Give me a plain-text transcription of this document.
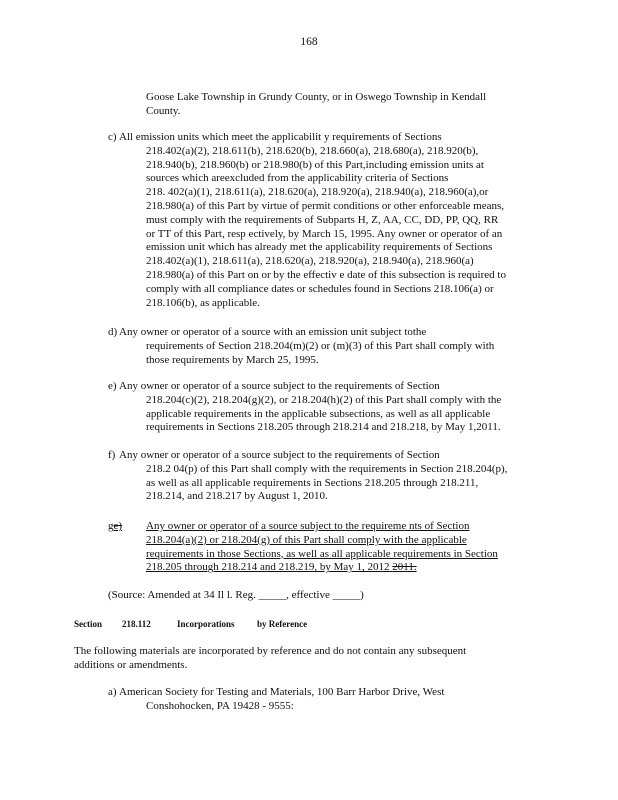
168
Goose Lake Township in Grundy County, or in Oswego Township in Kendall
County.
c) All emission units which meet the applicabilit y requirements of Sections
218.402(a)(2), 218.611(b), 218.620(b), 218.660(a), 218.680(a), 218.920(b),
218.940(b), 218.960(b) or 218.980(b) of this Part,including emission units at
sources which areexcluded from the applicability criteria of Sections
218. 402(a)(1), 218.611(a), 218.620(a), 218.920(a), 218.940(a), 218.960(a),or
218.980(a) of this Part by virtue of permit conditions or other enforceable means,
must comply with the requirements of Subparts H, Z, AA, CC, DD, PP, QQ, RR
or TT of this Part, resp ectively, by March 15, 1995. Any owner or operator of an
emission unit which has already met the applicability requirements of Sections
218.402(a)(1), 218.611(a), 218.620(a), 218.920(a), 218.940(a), 218.960(a)
218.980(a) of this Part on or by the effectiv e date of this subsection is required to
comply with all compliance dates or schedules found in Sections 218.106(a) or
218.106(b), as applicable.
d) Any owner or operator of a source with an emission unit subject tothe
requirements of Section 218.204(m)(2) or (m)(3) of this Part shall comply with
those requirements by March 25, 1995.
e) Any owner or operator of a source subject to the requirements of Section
218.204(c)(2), 218.204(g)(2), or 218.204(h)(2) of this Part shall comply with the
applicable requirements in the applicable subsections, as well as all applicable
requirements in Sections 218.205 through 218.214 and 218.218, by May 1,2011.
f) Any owner or operator of a source subject to the requirements of Section
218.2 04(p) of this Part shall comply with the requirements in Section 218.204(p),
as well as all applicable requirements in Sections 218.205 through 218.211,
218.214, and 218.217 by August 1, 2010.
ge) Any owner or operator of a source subject to the requireme nts of Section
218.204(a)(2) or 218.204(g) of this Part shall comply with the applicable
requirements in those Sections, as well as all applicable requirements in Section
218.205 through 218.214 and 218.219, by May 1, 2012 2011.
(Source: Amended at 34 Il l. Reg. _____, effective _____)
Section 218.112	Incorporations by Reference
The following materials are incorporated by reference and do not contain any subsequent
additions or amendments.
a) American Society for Testing and Materials, 100 Barr Harbor Drive, West
Conshohocken, PA 19428 - 9555:
